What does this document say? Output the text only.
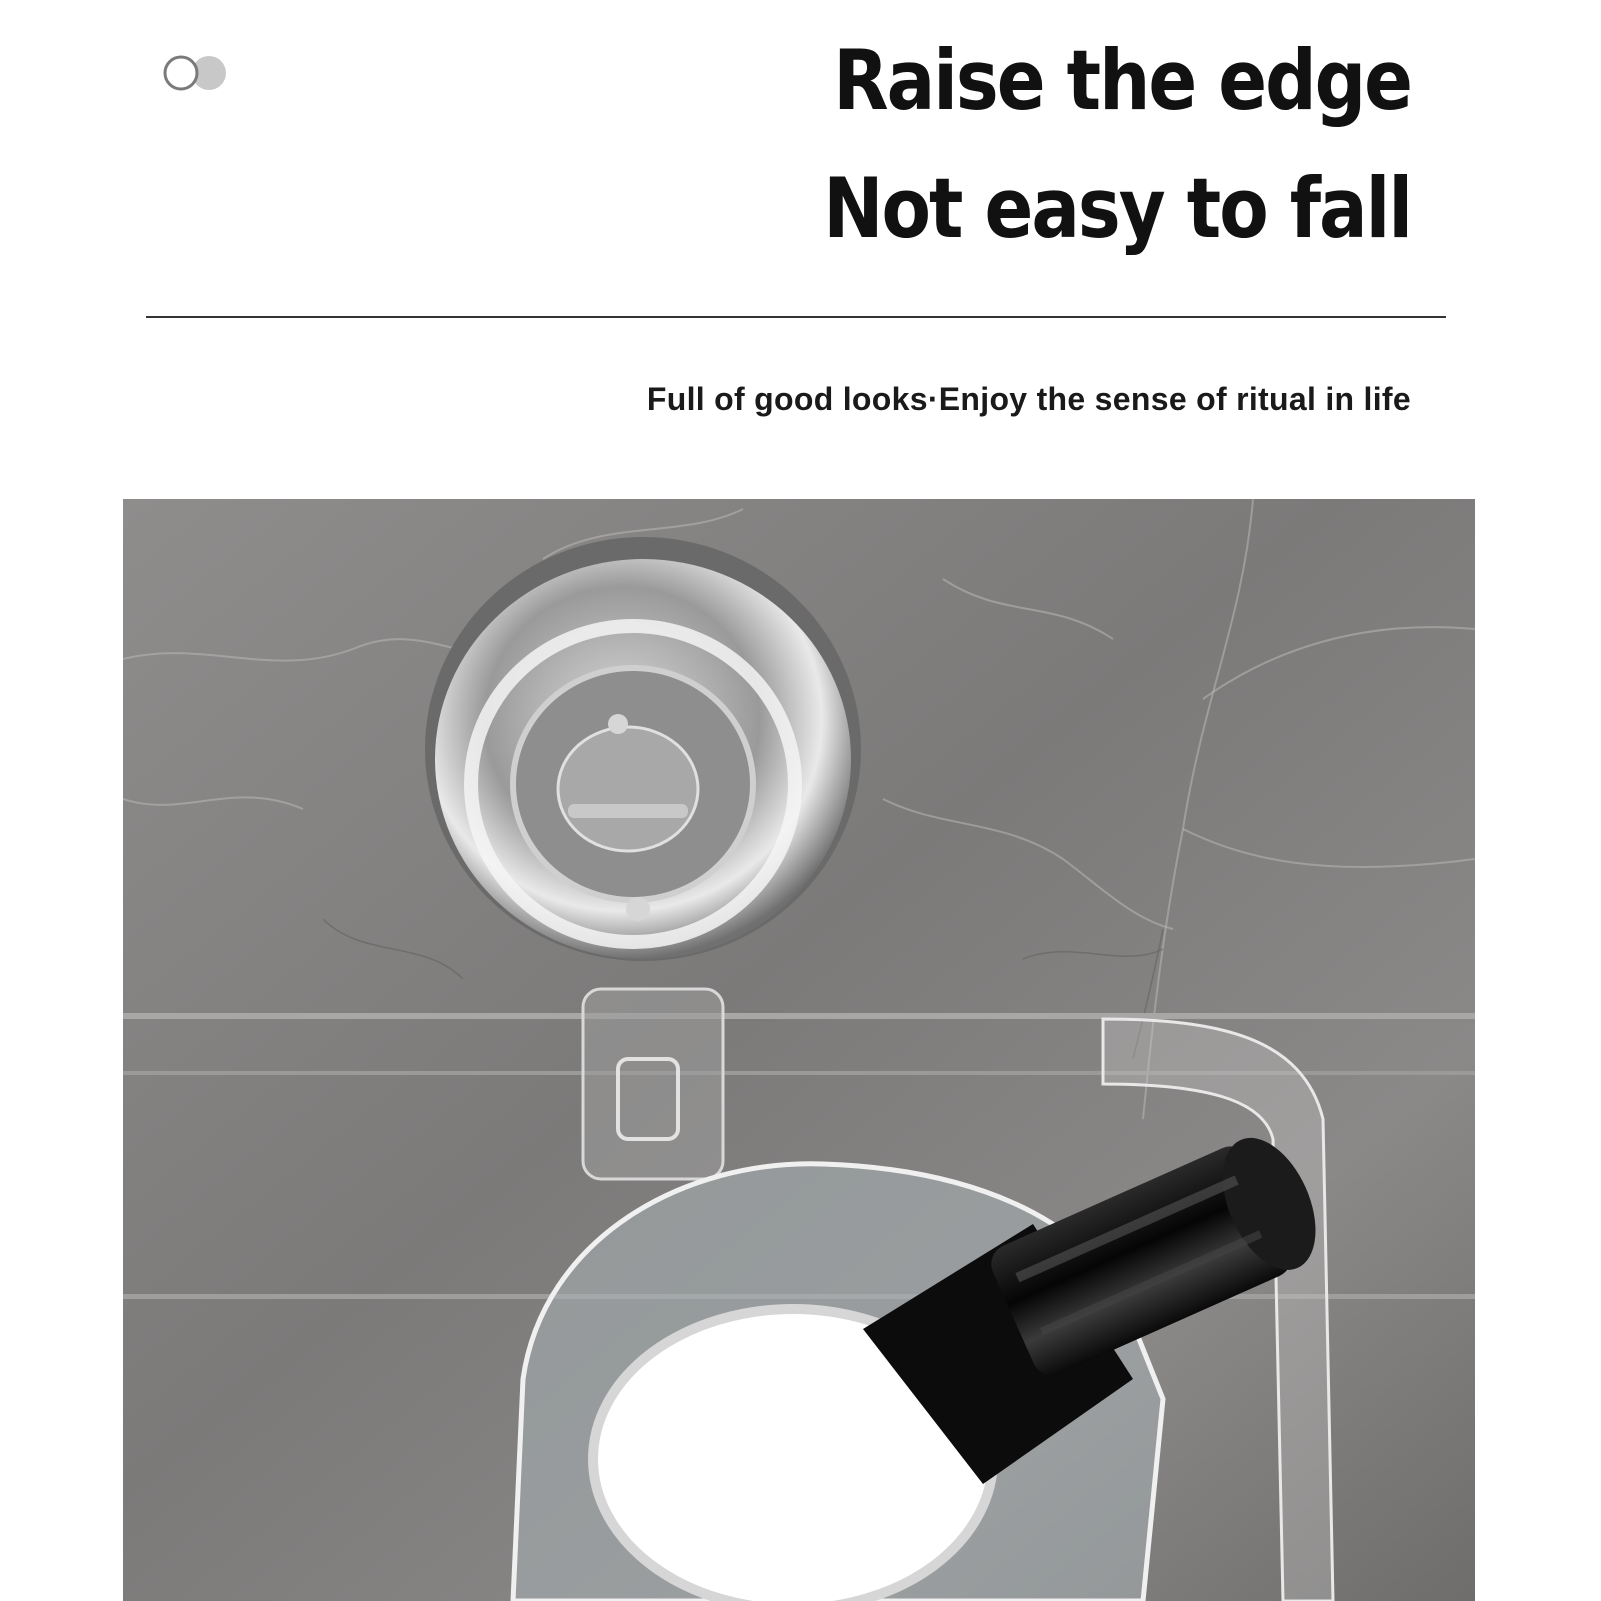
Raise the edge
Not easy to fall
Full of good looks·Enjoy the sense of ritual in life
